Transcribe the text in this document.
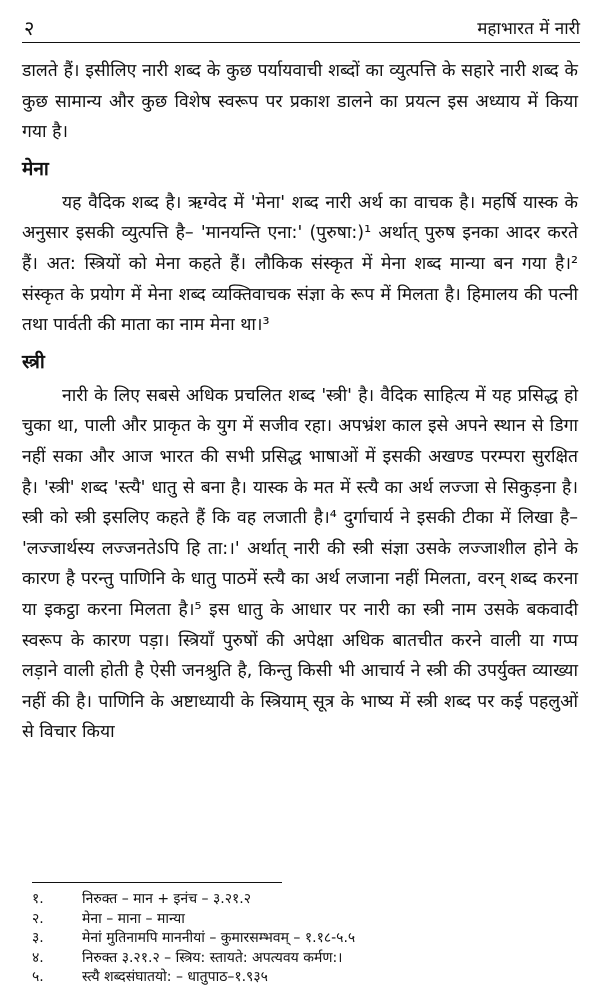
२	महाभारत में नारी

डालते हैं। इसीलिए नारी शब्द के कुछ पर्यायवाची शब्दों का व्युत्पत्ति के सहारे नारी शब्द के कुछ सामान्य और कुछ विशेष स्वरूप पर प्रकाश डालने का प्रयत्न इस अध्याय में किया गया है।

मेना

यह वैदिक शब्द है। ऋग्वेद में 'मेना' शब्द नारी अर्थ का वाचक है। महर्षि यास्क के अनुसार इसकी व्युत्पत्ति है– 'मानयन्ति एना:' (पुरुषा:)¹ अर्थात् पुरुष इनका आदर करते हैं। अत: स्त्रियों को मेना कहते हैं। लौकिक संस्कृत में मेना शब्द मान्या बन गया है।² संस्कृत के प्रयोग में मेना शब्द व्यक्तिवाचक संज्ञा के रूप में मिलता है। हिमालय की पत्नी तथा पार्वती की माता का नाम मेना था।³

स्त्री

नारी के लिए सबसे अधिक प्रचलित शब्द 'स्त्री' है। वैदिक साहित्य में यह प्रसिद्ध हो चुका था, पाली और प्राकृत के युग में सजीव रहा। अपभ्रंश काल इसे अपने स्थान से डिगा नहीं सका और आज भारत की सभी प्रसिद्ध भाषाओं में इसकी अखण्ड परम्परा सुरक्षित है। 'स्त्री' शब्द 'स्त्यै' धातु से बना है। यास्क के मत में स्त्यै का अर्थ लज्जा से सिकुड़ना है। स्त्री को स्त्री इसलिए कहते हैं कि वह लजाती है।⁴ दुर्गाचार्य ने इसकी टीका में लिखा है– 'लज्जार्थस्य लज्जनतेऽपि हि ता:।' अर्थात् नारी की स्त्री संज्ञा उसके लज्जाशील होने के कारण है परन्तु पाणिनि के धातु पाठमें स्त्यै का अर्थ लजाना नहीं मिलता, वरन् शब्द करना या इकट्ठा करना मिलता है।⁵ इस धातु के आधार पर नारी का स्त्री नाम उसके बकवादी स्वरूप के कारण पड़ा। स्त्रियाँ पुरुषों की अपेक्षा अधिक बातचीत करने वाली या गप्प लड़ाने वाली होती है ऐसी जनश्रुति है, किन्तु किसी भी आचार्य ने स्त्री की उपर्युक्त व्याख्या नहीं की है। पाणिनि के अष्टाध्यायी के स्त्रियाम् सूत्र के भाष्य में स्त्री शब्द पर कई पहलुओं से विचार किया

१.	निरुक्त – मान + इनंच – ३.२१.२
२.	मेना – माना – मान्या
३.	मेनां मुतिनामपि माननीयां – कुमारसम्भवम् – १.१८-५.५
४.	निरुक्त ३.२१.२ – स्त्रिय: स्तायते: अपत्यवय कर्मण:।
५.	स्त्यै शब्दसंघातयो: – धातुपाठ–१.९३५
